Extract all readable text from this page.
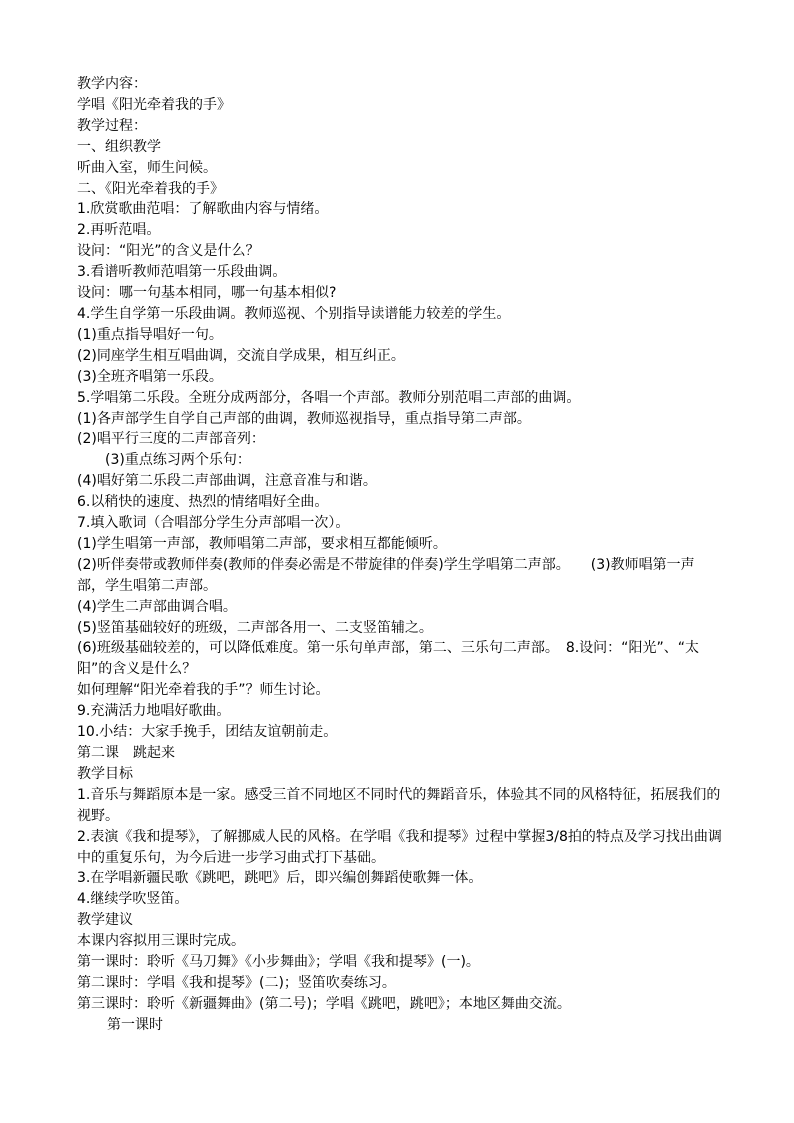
教学内容：
学唱《阳光牵着我的手》
教学过程：
一、组织教学
听曲入室，师生问候。
二、《阳光牵着我的手》
1.欣赏歌曲范唱：了解歌曲内容与情绪。
2.再听范唱。
设问：“阳光”的含义是什么？
3.看谱听教师范唱第一乐段曲调。
设问：哪一句基本相同，哪一句基本相似?
4.学生自学第一乐段曲调。教师巡视、个别指导读谱能力较差的学生。
(1)重点指导唱好一句。
(2)同座学生相互唱曲调，交流自学成果，相互纠正。
(3)全班齐唱第一乐段。
5.学唱第二乐段。全班分成两部分，各唱一个声部。教师分别范唱二声部的曲调。
(1)各声部学生自学自己声部的曲调，教师巡视指导，重点指导第二声部。
(2)唱平行三度的二声部音列：
(3)重点练习两个乐句：
(4)唱好第二乐段二声部曲调，注意音准与和谐。
6.以稍快的速度、热烈的情绪唱好全曲。
7.填入歌词（合唱部分学生分声部唱一次）。
(1)学生唱第一声部，教师唱第二声部，要求相互都能倾听。
(2)听伴奏带或教师伴奏(教师的伴奏必需是不带旋律的伴奏)学生学唱第二声部。　　(3)教师唱第一声部，学生唱第二声部。
(4)学生二声部曲调合唱。
(5)竖笛基础较好的班级，二声部各用一、二支竖笛辅之。
(6)班级基础较差的，可以降低难度。第一乐句单声部，第二、三乐句二声部。　8.设问：“阳光”、“太阳”的含义是什么？
如何理解“阳光牵着我的手”？师生讨论。
9.充满活力地唱好歌曲。
10.小结：大家手挽手，团结友谊朝前走。
第二课　跳起来
教学目标
1.音乐与舞蹈原本是一家。感受三首不同地区不同时代的舞蹈音乐，体验其不同的风格特征，拓展我们的视野。
2.表演《我和提琴》，了解挪威人民的风格。在学唱《我和提琴》过程中掌握3/8拍的特点及学习找出曲调中的重复乐句，为今后进一步学习曲式打下基础。
3.在学唱新疆民歌《跳吧，跳吧》后，即兴编创舞蹈使歌舞一体。
4.继续学吹竖笛。
教学建议
本课内容拟用三课时完成。
第一课时：聆听《马刀舞》《小步舞曲》；学唱《我和提琴》(一)。
第二课时：学唱《我和提琴》(二)；竖笛吹奏练习。
第三课时：聆听《新疆舞曲》(第二号)；学唱《跳吧，跳吧》；本地区舞曲交流。
第一课时
